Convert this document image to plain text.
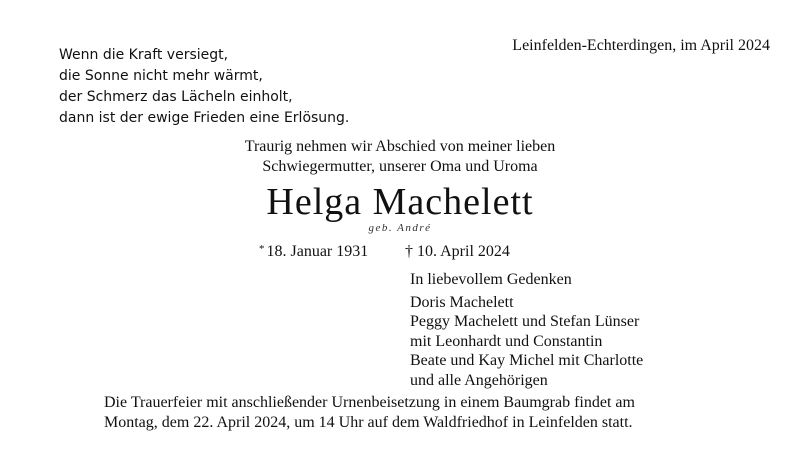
Wenn die Kraft versiegt,
die Sonne nicht mehr wärmt,
der Schmerz das Lächeln einholt,
dann ist der ewige Frieden eine Erlösung.
Leinfelden-Echterdingen, im April 2024
Traurig nehmen wir Abschied von meiner lieben
Schwiegermutter, unserer Oma und Uroma
Helga Machelett
geb. André
* 18. Januar 1931 † 10. April 2024
In liebevollem Gedenken
Doris Machelett
Peggy Machelett und Stefan Lünser
mit Leonhardt und Constantin
Beate und Kay Michel mit Charlotte
und alle Angehörigen
Die Trauerfeier mit anschließender Urnenbeisetzung in einem Baumgrab findet am
Montag, dem 22. April 2024, um 14 Uhr auf dem Waldfriedhof in Leinfelden statt.
